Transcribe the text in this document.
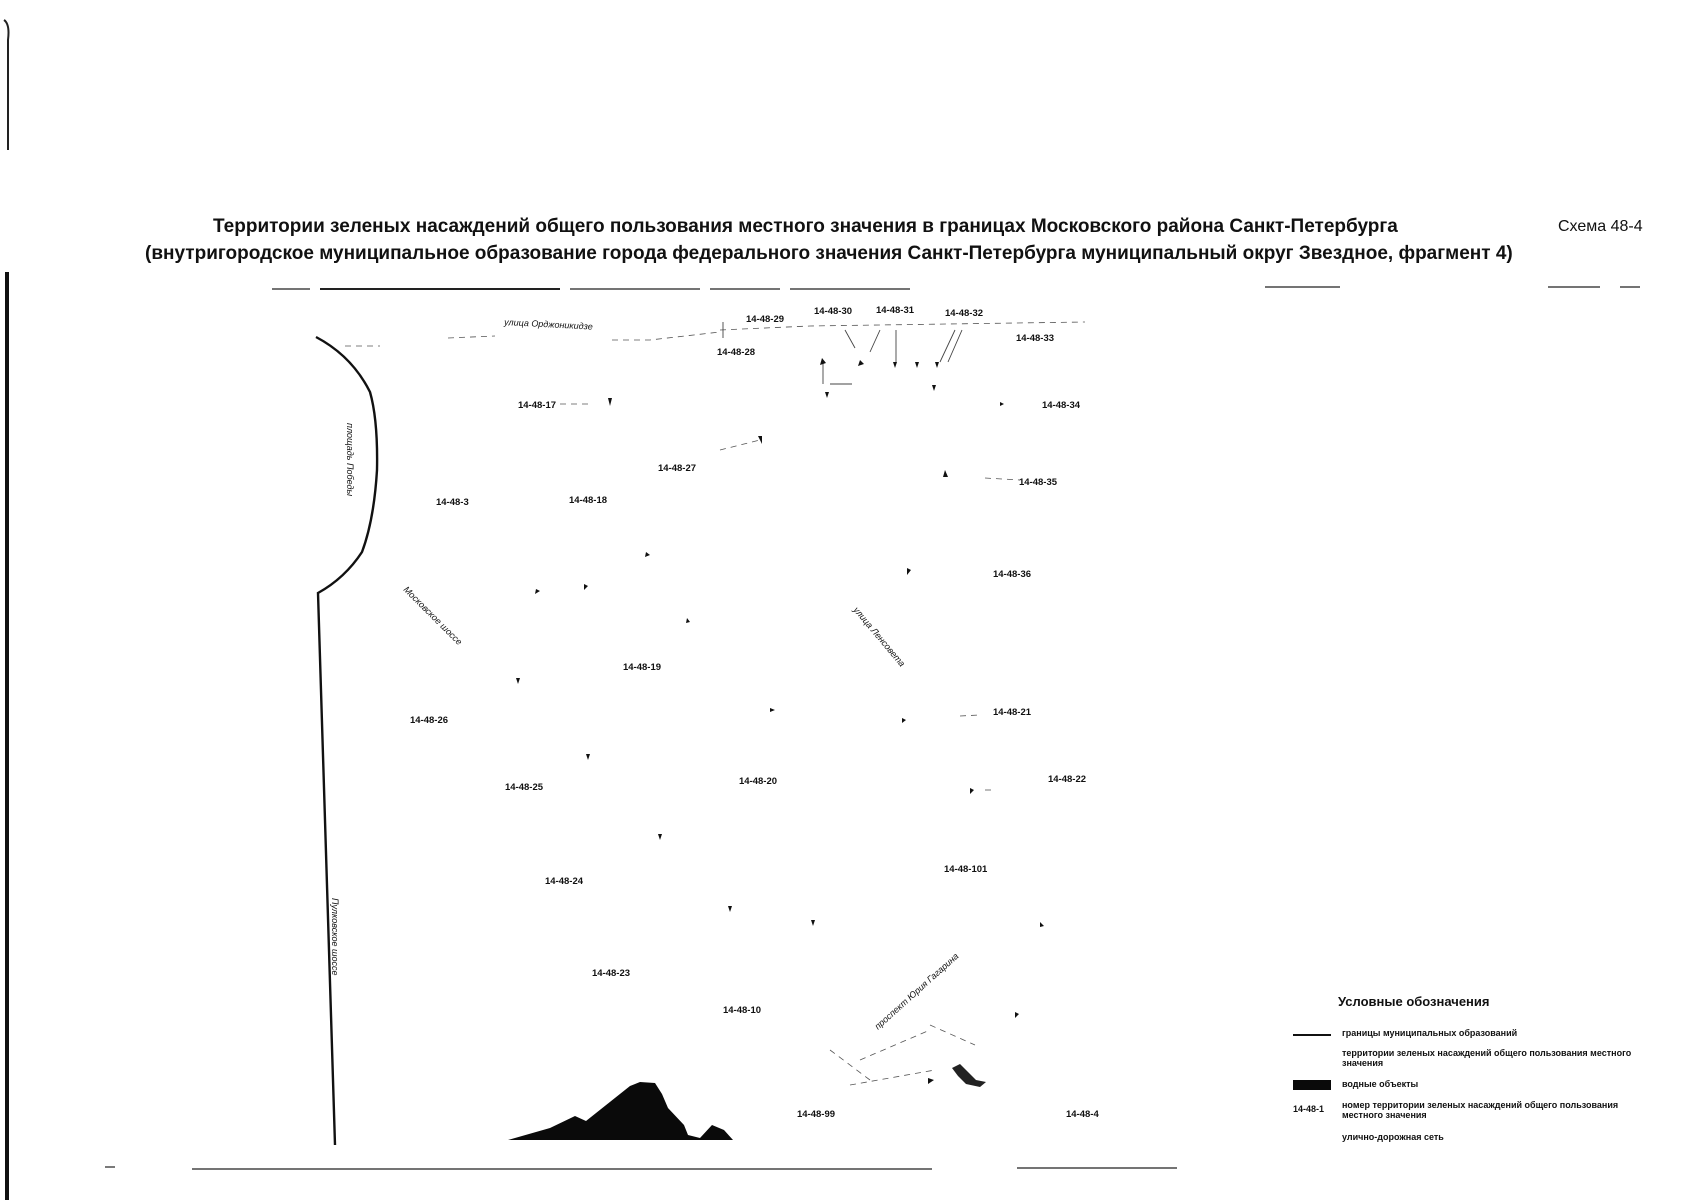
Территории зеленых насаждений общего пользования местного значения в границах Московского района Санкт-Петербурга
(внутригородское муниципальное образование города федерального значения Санкт-Петербурга муниципальный округ Звездное, фрагмент 4)
Схема 48-4
улица Орджоникидзе
площадь Победы
Московское шоссе	улица Ленсовета
Пулковское шоссе
проспект Юрия Гагарина
14-48-29
14-48-30	14-48-31	14-48-32
14-48-28
14-48-33
14-48-17	14-48-34
14-48-27
14-48-35
14-48-3	14-48-18
14-48-36
14-48-19
14-48-26
14-48-21
14-48-25
14-48-20	14-48-22
14-48-101
14-48-24
14-48-23
14-48-10
14-48-99	14-48-4
Условные обозначения
границы муниципальных образований
территории зеленых насаждений общего пользования местного значения
водные объекты
14-48-1	номер территории зеленых насаждений общего пользования местного значения
улично-дорожная сеть
